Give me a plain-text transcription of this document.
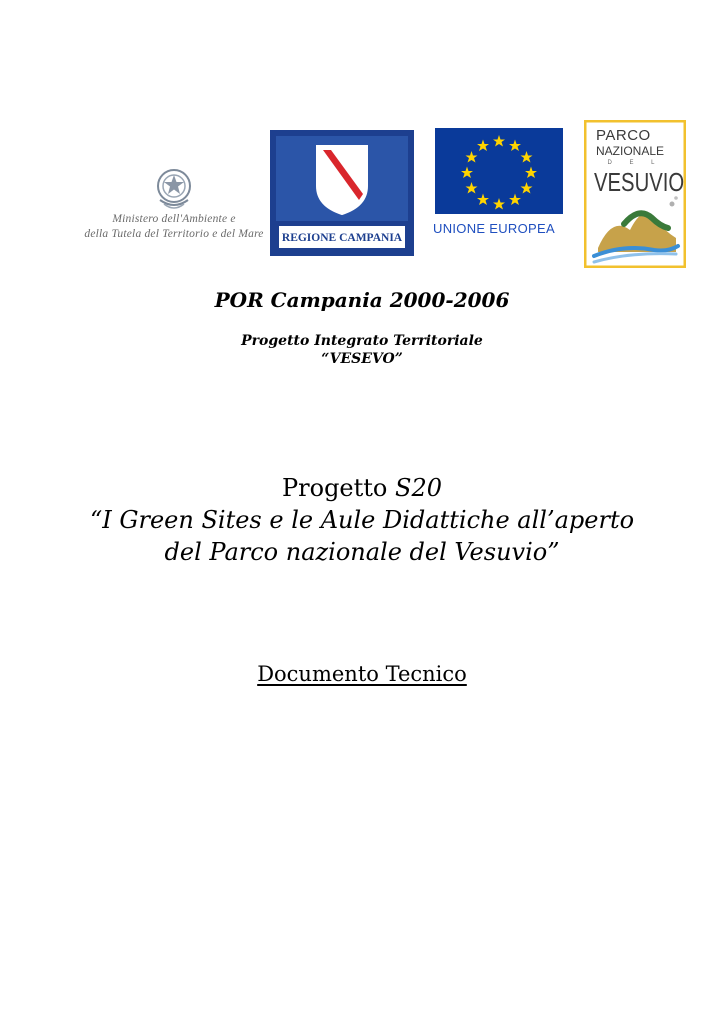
Ministero dell'Ambiente e
della Tutela del Territorio e del Mare	REGIONE CAMPANIA
UNIONE EUROPEA
PARCO
NAZIONALE
D E L
VESUVIO
POR Campania 2000-2006
Progetto Integrato Territoriale
“VESEVO”
Progetto S20
“I Green Sites e le Aule Didattiche all’aperto
del Parco nazionale del Vesuvio”
Documento Tecnico
